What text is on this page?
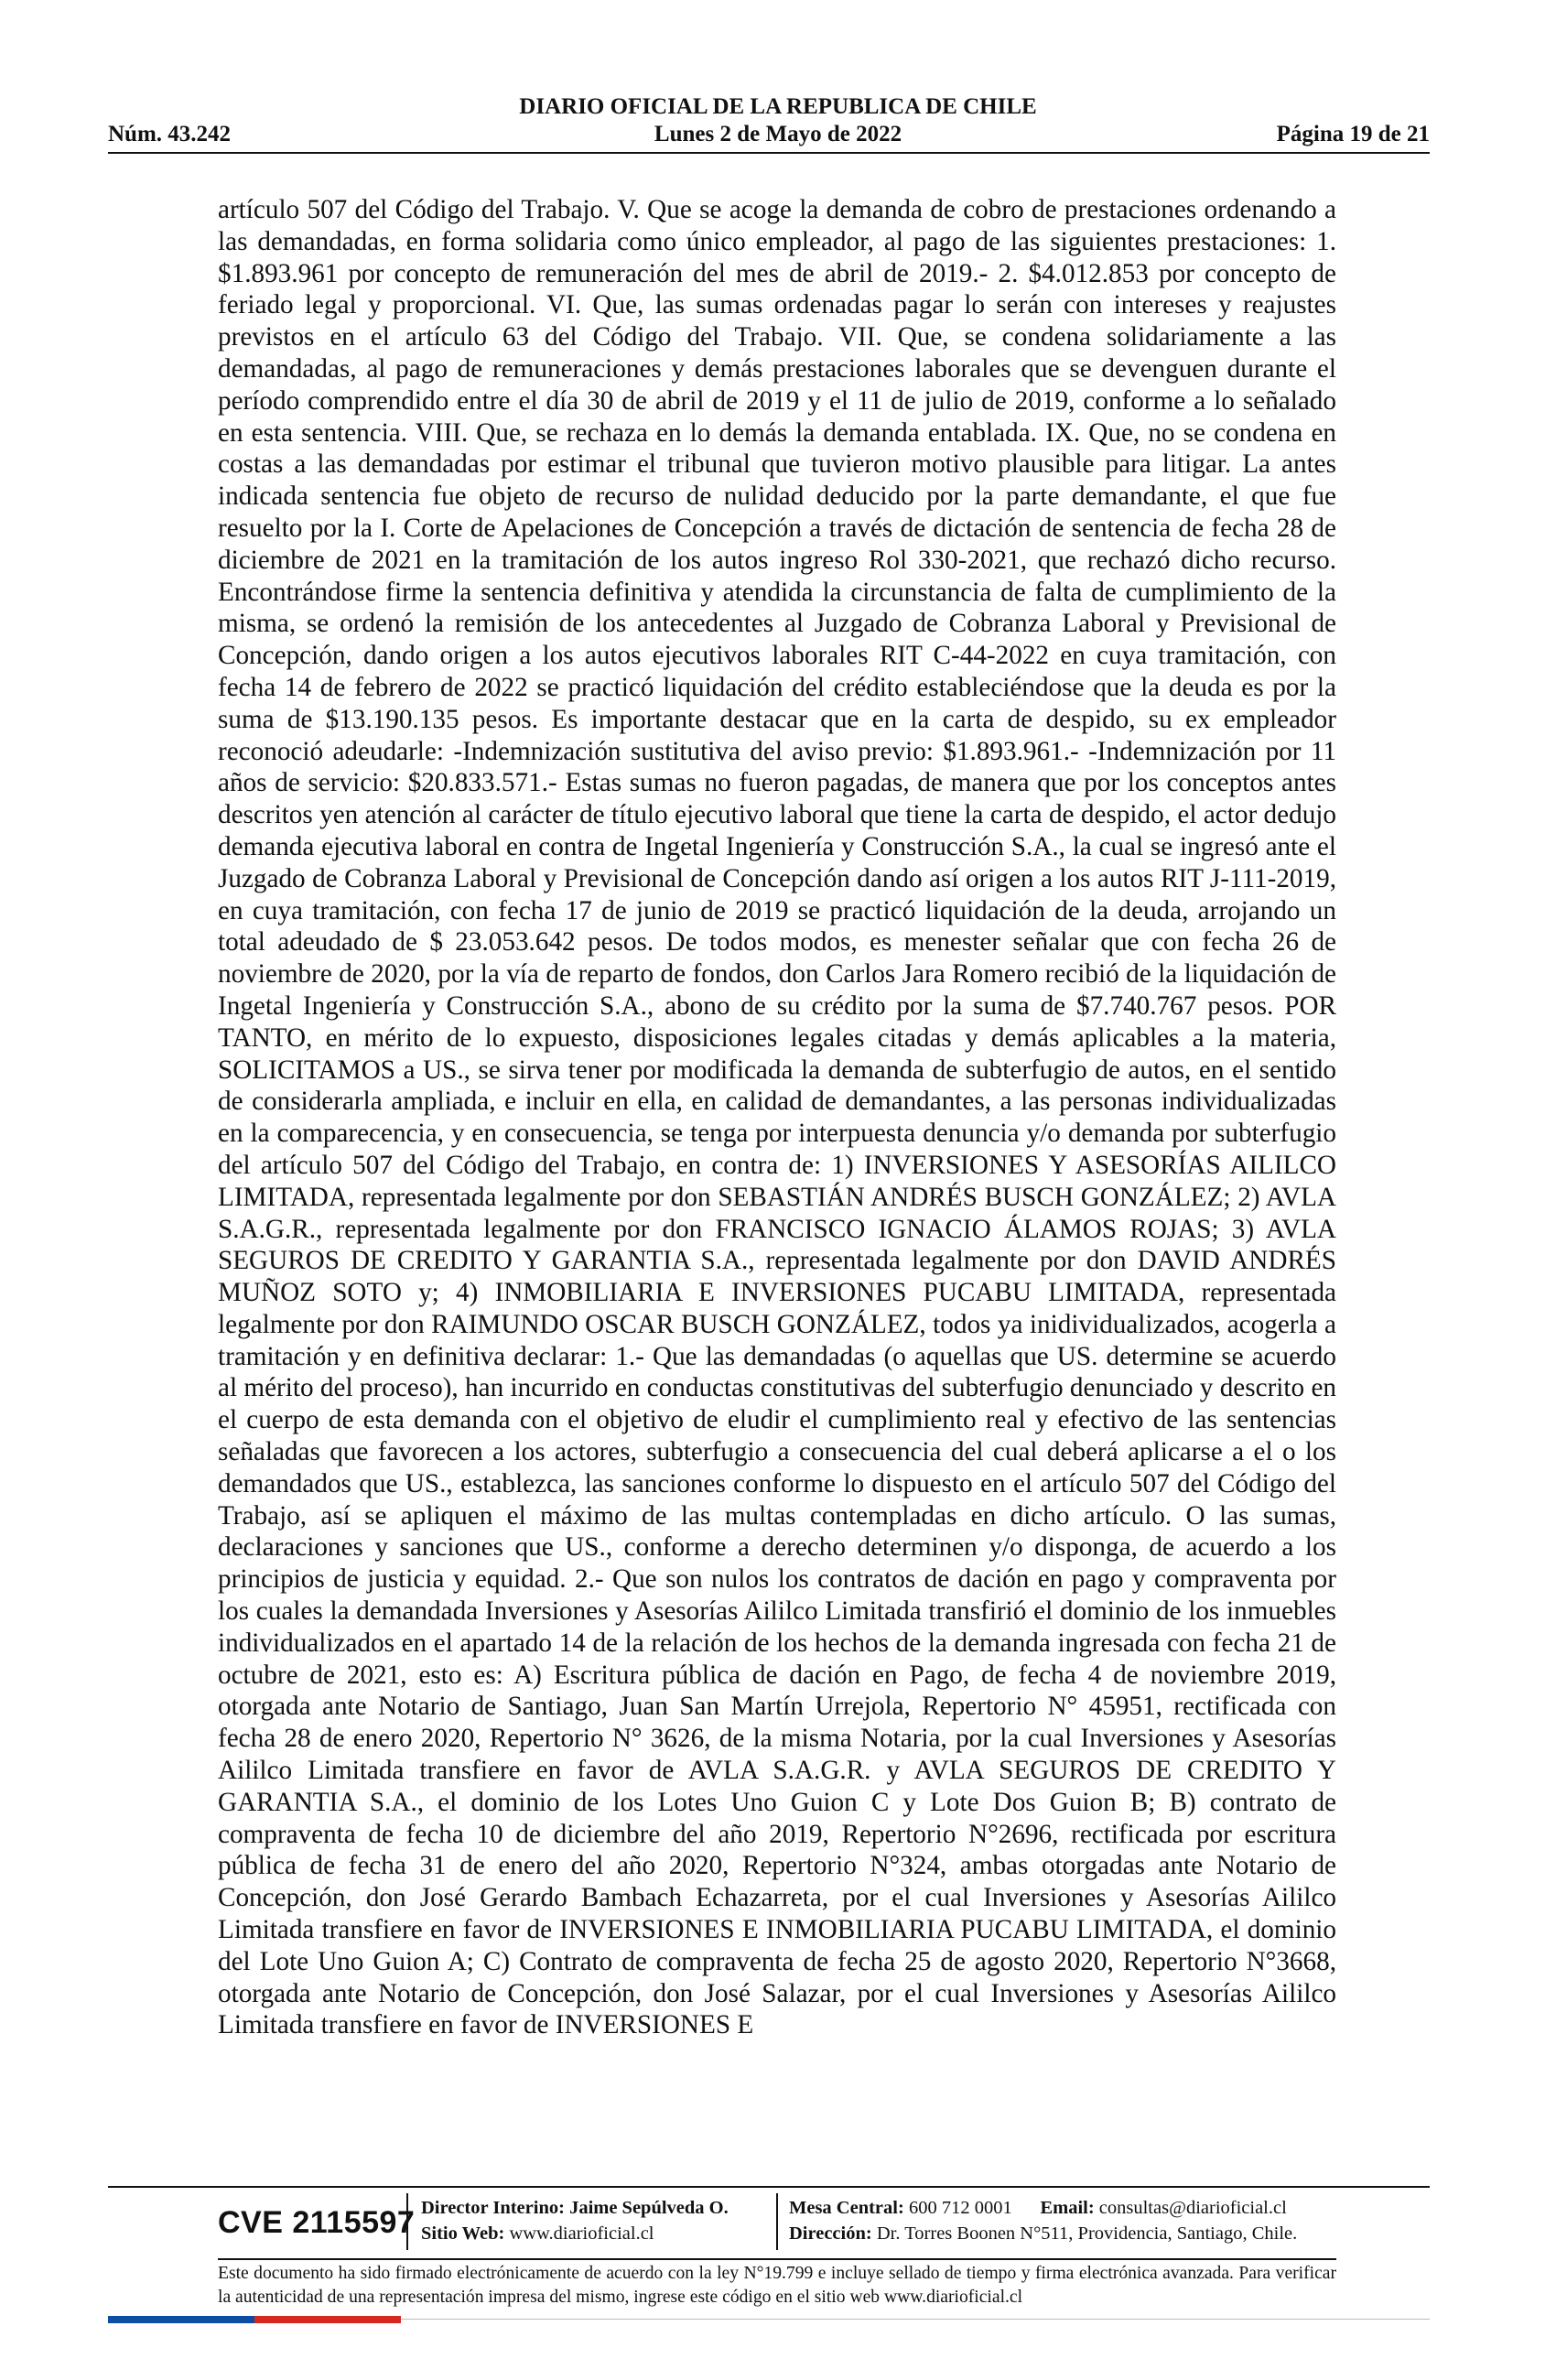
DIARIO OFICIAL DE LA REPUBLICA DE CHILE
Núm. 43.242	Lunes 2 de Mayo de 2022	Página 19 de 21
artículo 507 del Código del Trabajo. V. Que se acoge la demanda de cobro de prestaciones ordenando a las demandadas, en forma solidaria como único empleador, al pago de las siguientes prestaciones: 1. $1.893.961 por concepto de remuneración del mes de abril de 2019.- 2. $4.012.853 por concepto de feriado legal y proporcional. VI. Que, las sumas ordenadas pagar lo serán con intereses y reajustes previstos en el artículo 63 del Código del Trabajo. VII. Que, se condena solidariamente a las demandadas, al pago de remuneraciones y demás prestaciones laborales que se devenguen durante el período comprendido entre el día 30 de abril de 2019 y el 11 de julio de 2019, conforme a lo señalado en esta sentencia. VIII. Que, se rechaza en lo demás la demanda entablada. IX. Que, no se condena en costas a las demandadas por estimar el tribunal que tuvieron motivo plausible para litigar. La antes indicada sentencia fue objeto de recurso de nulidad deducido por la parte demandante, el que fue resuelto por la I. Corte de Apelaciones de Concepción a través de dictación de sentencia de fecha 28 de diciembre de 2021 en la tramitación de los autos ingreso Rol 330-2021, que rechazó dicho recurso. Encontrándose firme la sentencia definitiva y atendida la circunstancia de falta de cumplimiento de la misma, se ordenó la remisión de los antecedentes al Juzgado de Cobranza Laboral y Previsional de Concepción, dando origen a los autos ejecutivos laborales RIT C-44-2022 en cuya tramitación, con fecha 14 de febrero de 2022 se practicó liquidación del crédito estableciéndose que la deuda es por la suma de $13.190.135 pesos. Es importante destacar que en la carta de despido, su ex empleador reconoció adeudarle: -Indemnización sustitutiva del aviso previo: $1.893.961.- -Indemnización por 11 años de servicio: $20.833.571.- Estas sumas no fueron pagadas, de manera que por los conceptos antes descritos yen atención al carácter de título ejecutivo laboral que tiene la carta de despido, el actor dedujo demanda ejecutiva laboral en contra de Ingetal Ingeniería y Construcción S.A., la cual se ingresó ante el Juzgado de Cobranza Laboral y Previsional de Concepción dando así origen a los autos RIT J-111-2019, en cuya tramitación, con fecha 17 de junio de 2019 se practicó liquidación de la deuda, arrojando un total adeudado de $ 23.053.642 pesos. De todos modos, es menester señalar que con fecha 26 de noviembre de 2020, por la vía de reparto de fondos, don Carlos Jara Romero recibió de la liquidación de Ingetal Ingeniería y Construcción S.A., abono de su crédito por la suma de $7.740.767 pesos. POR TANTO, en mérito de lo expuesto, disposiciones legales citadas y demás aplicables a la materia, SOLICITAMOS a US., se sirva tener por modificada la demanda de subterfugio de autos, en el sentido de considerarla ampliada, e incluir en ella, en calidad de demandantes, a las personas individualizadas en la comparecencia, y en consecuencia, se tenga por interpuesta denuncia y/o demanda por subterfugio del artículo 507 del Código del Trabajo, en contra de: 1) INVERSIONES Y ASESORÍAS AILILCO LIMITADA, representada legalmente por don SEBASTIÁN ANDRÉS BUSCH GONZÁLEZ; 2) AVLA S.A.G.R., representada legalmente por don FRANCISCO IGNACIO ÁLAMOS ROJAS; 3) AVLA SEGUROS DE CREDITO Y GARANTIA S.A., representada legalmente por don DAVID ANDRÉS MUÑOZ SOTO y; 4) INMOBILIARIA E INVERSIONES PUCABU LIMITADA, representada legalmente por don RAIMUNDO OSCAR BUSCH GONZÁLEZ, todos ya inidividualizados, acogerla a tramitación y en definitiva declarar: 1.- Que las demandadas (o aquellas que US. determine se acuerdo al mérito del proceso), han incurrido en conductas constitutivas del subterfugio denunciado y descrito en el cuerpo de esta demanda con el objetivo de eludir el cumplimiento real y efectivo de las sentencias señaladas que favorecen a los actores, subterfugio a consecuencia del cual deberá aplicarse a el o los demandados que US., establezca, las sanciones conforme lo dispuesto en el artículo 507 del Código del Trabajo, así se apliquen el máximo de las multas contempladas en dicho artículo. O las sumas, declaraciones y sanciones que US., conforme a derecho determinen y/o disponga, de acuerdo a los principios de justicia y equidad. 2.- Que son nulos los contratos de dación en pago y compraventa por los cuales la demandada Inversiones y Asesorías Aililco Limitada transfirió el dominio de los inmuebles individualizados en el apartado 14 de la relación de los hechos de la demanda ingresada con fecha 21 de octubre de 2021, esto es: A) Escritura pública de dación en Pago, de fecha 4 de noviembre 2019, otorgada ante Notario de Santiago, Juan San Martín Urrejola, Repertorio N° 45951, rectificada con fecha 28 de enero 2020, Repertorio N° 3626, de la misma Notaria, por la cual Inversiones y Asesorías Aililco Limitada transfiere en favor de AVLA S.A.G.R. y AVLA SEGUROS DE CREDITO Y GARANTIA S.A., el dominio de los Lotes Uno Guion C y Lote Dos Guion B; B) contrato de compraventa de fecha 10 de diciembre del año 2019, Repertorio N°2696, rectificada por escritura pública de fecha 31 de enero del año 2020, Repertorio N°324, ambas otorgadas ante Notario de Concepción, don José Gerardo Bambach Echazarreta, por el cual Inversiones y Asesorías Aililco Limitada transfiere en favor de INVERSIONES E INMOBILIARIA PUCABU LIMITADA, el dominio del Lote Uno Guion A; C) Contrato de compraventa de fecha 25 de agosto 2020, Repertorio N°3668, otorgada ante Notario de Concepción, don José Salazar, por el cual Inversiones y Asesorías Aililco Limitada transfiere en favor de INVERSIONES E
CVE 2115597 Director Interino: Jaime Sepúlveda O.
Sitio Web: www.diarioficial.cl
Mesa Central: 600 712 0001 Email: consultas@diarioficial.cl
Dirección: Dr. Torres Boonen N°511, Providencia, Santiago, Chile.
Este documento ha sido firmado electrónicamente de acuerdo con la ley N°19.799 e incluye sellado de tiempo y firma electrónica avanzada. Para verificar la autenticidad de una representación impresa del mismo, ingrese este código en el sitio web www.diarioficial.cl
